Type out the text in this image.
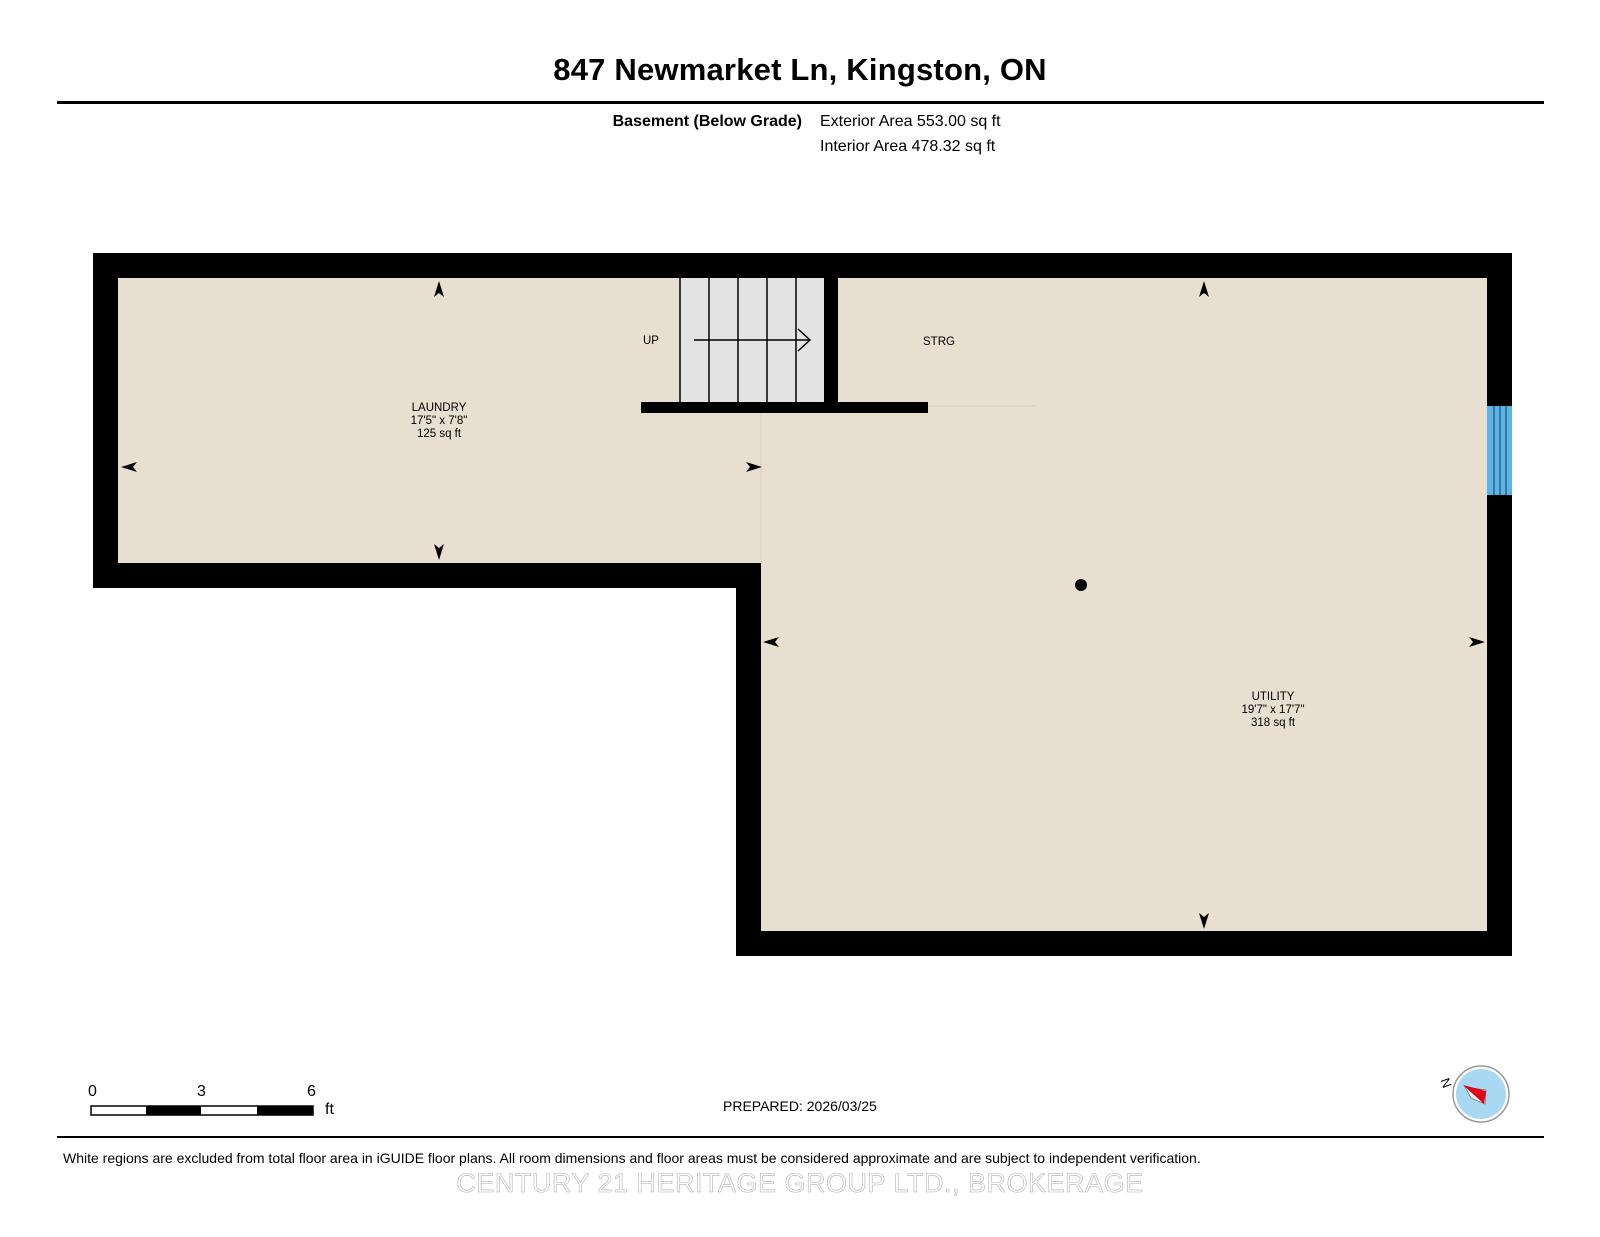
847 Newmarket Ln, Kingston, ON
Basement (Below Grade) Exterior Area 553.00 sq ft
Interior Area 478.32 sq ft
UP	STRG
LAUNDRY
17'5" x 7'8"
125 sq ft
UTILITY
19'7" x 17'7"
318 sq ft
N
0	3	6
ft	PREPARED: 2026/03/25
White regions are excluded from total floor area in iGUIDE floor plans. All room dimensions and floor areas must be considered approximate and are subject to independent verification.
CENTURY 21 HERITAGE GROUP LTD., BROKERAGE
